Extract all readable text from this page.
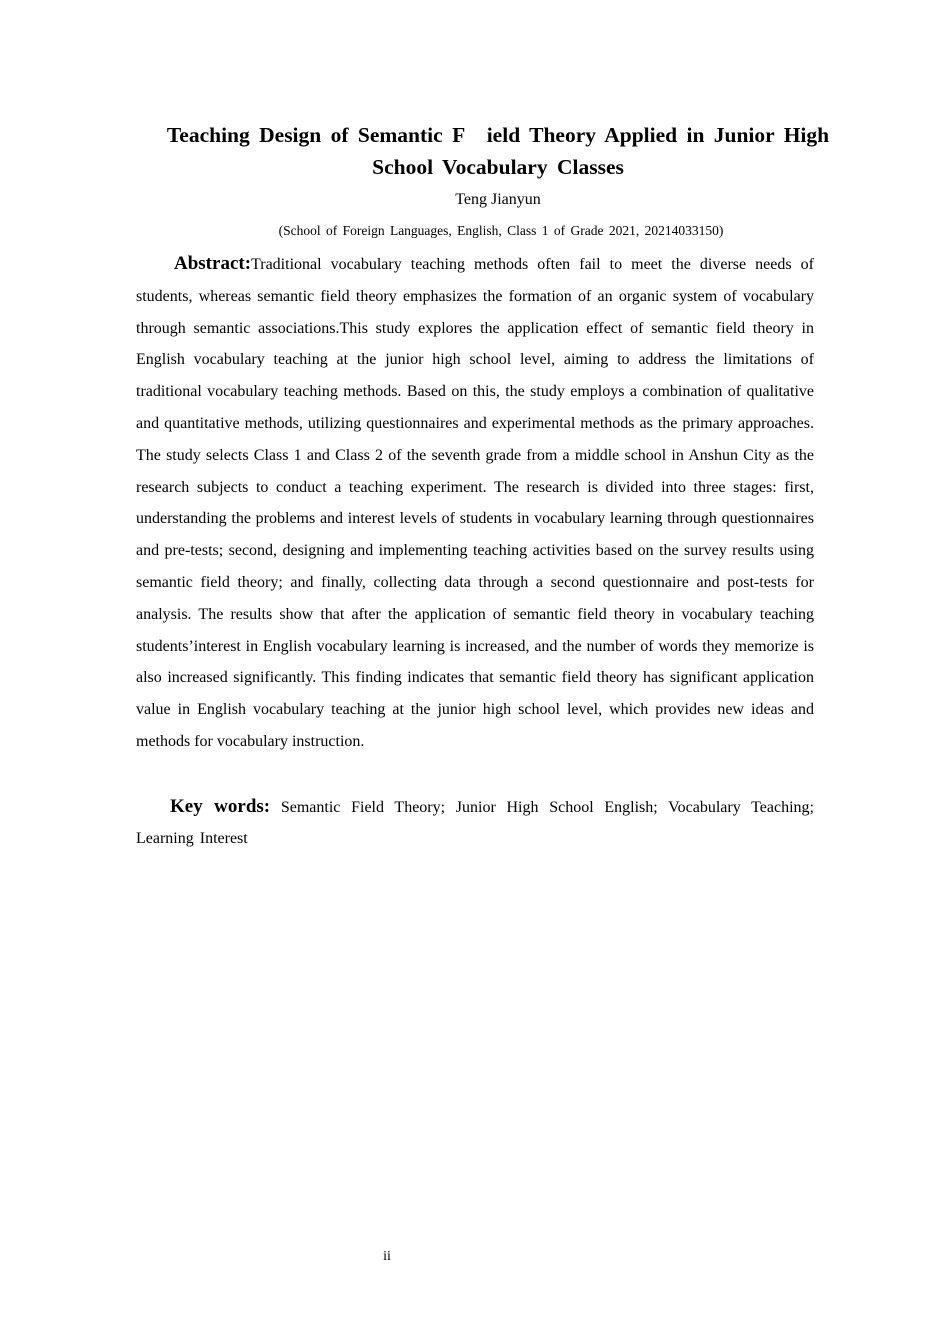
Teaching Design of Semantic F ield Theory Applied in Junior High School Vocabulary Classes

Teng Jianyun

(School of Foreign Languages, English, Class 1 of Grade 2021, 20214033150)

Abstract:Traditional vocabulary teaching methods often fail to meet the diverse needs of students, whereas semantic field theory emphasizes the formation of an organic system of vocabulary through semantic associations.This study explores the application effect of semantic field theory in English vocabulary teaching at the junior high school level, aiming to address the limitations of traditional vocabulary teaching methods. Based on this, the study employs a combination of qualitative and quantitative methods, utilizing questionnaires and experimental methods as the primary approaches. The study selects Class 1 and Class 2 of the seventh grade from a middle school in Anshun City as the research subjects to conduct a teaching experiment. The research is divided into three stages: first, understanding the problems and interest levels of students in vocabulary learning through questionnaires and pre-tests; second, designing and implementing teaching activities based on the survey results using semantic field theory; and finally, collecting data through a second questionnaire and post-tests for analysis. The results show that after the application of semantic field theory in vocabulary teaching students’interest in English vocabulary learning is increased, and the number of words they memorize is also increased significantly. This finding indicates that semantic field theory has significant application value in English vocabulary teaching at the junior high school level, which provides new ideas and methods for vocabulary instruction.

Key words: Semantic Field Theory; Junior High School English; Vocabulary Teaching; Learning Interest

ii
